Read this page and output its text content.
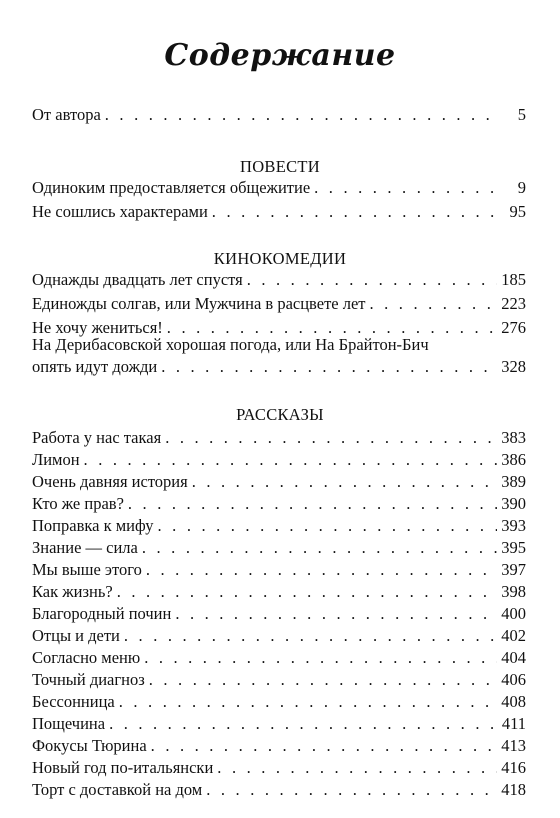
Содержание
От автора . . .	5
ПОВЕСТИ
Одиноким предоставляется общежитие . . .	9
Не сошлись характерами . . .	95
КИНОКОМЕДИИ
Однажды двадцать лет спустя . . .	185
Единожды солгав, или Мужчина в расцвете лет . . .	223
Не хочу жениться! . . .	276
На Дерибасовской хорошая погода, или На Брайтон-Бич
опять идут дожди . . .	328
РАССКАЗЫ
Работа у нас такая . . .	383
Лимон . . .	386
Очень давняя история . . .	389
Кто же прав? . . .	390
Поправка к мифу . . .	393
Знание — сила . . .	395
Мы выше этого . . .	397
Как жизнь? . . .	398
Благородный почин . . .	400
Отцы и дети . . .	402
Согласно меню . . .	404
Точный диагноз . . .	406
Бессонница . . .	408
Пощечина . . .	411
Фокусы Тюрина . . .	413
Новый год по-итальянски . . .	416
Торт с доставкой на дом . . .	418
